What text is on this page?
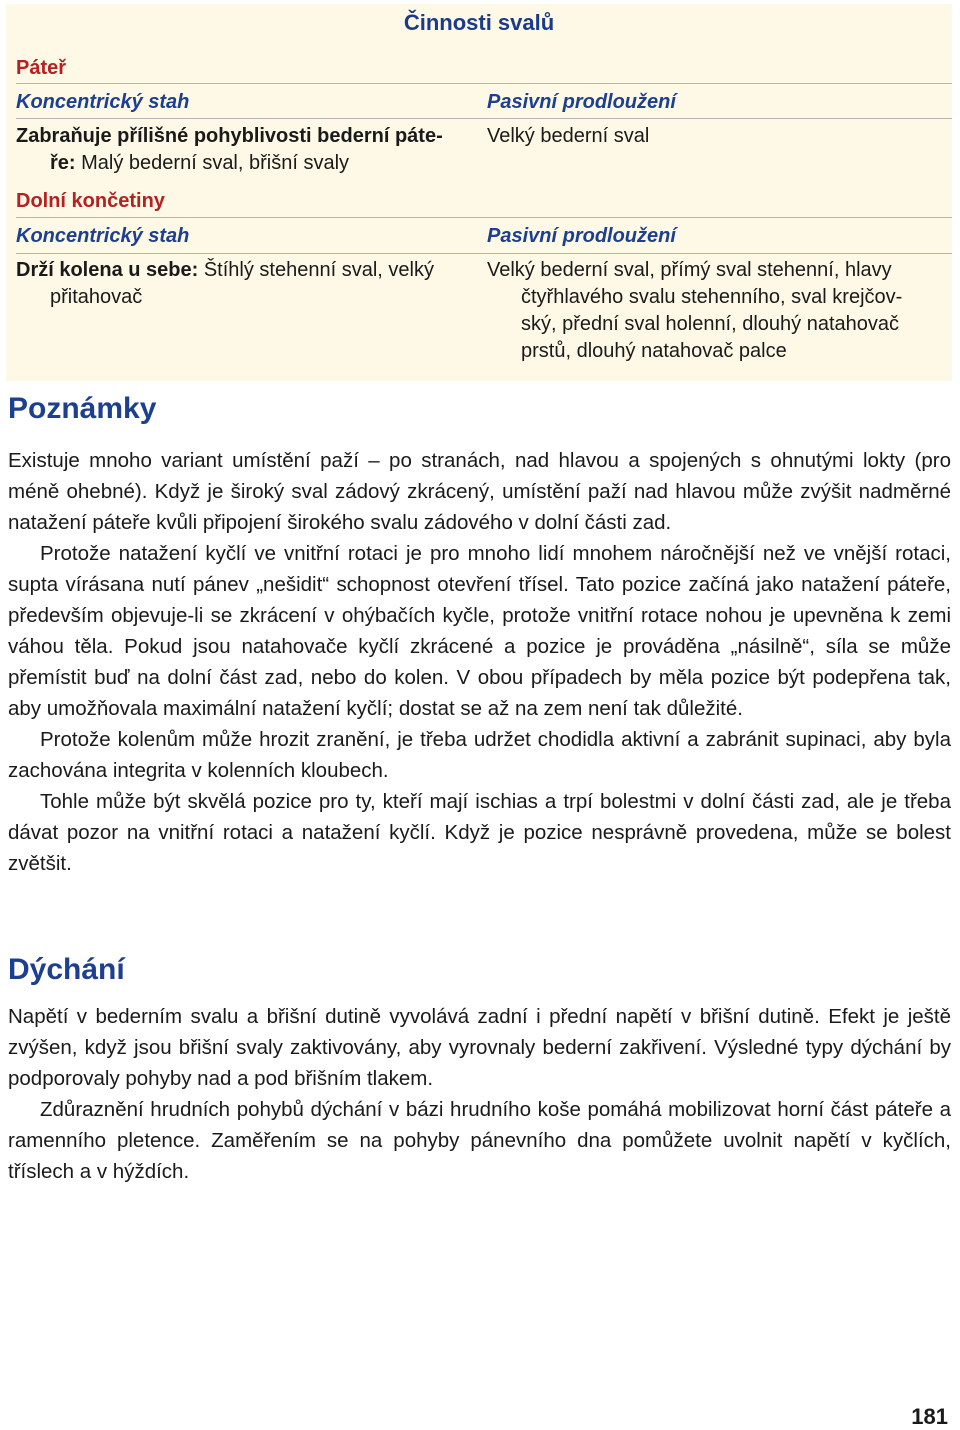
Činnosti svalů
Páteř
Koncentrický stah	Pasivní prodloužení
Zabraňuje přílišné pohyblivosti bederní páte-
ře: Malý bederní sval, břišní svaly
Velký bederní sval
Dolní končetiny
Koncentrický stah	Pasivní prodloužení
Drží kolena u sebe: Štíhlý stehenní sval, velký
přitahovač
Velký bederní sval, přímý sval stehenní, hlavy
čtyřhlavého svalu stehenního, sval krejčov-
ský, přední sval holenní, dlouhý natahovač
prstů, dlouhý natahovač palce
Poznámky

Existuje mnoho variant umístění paží – po stranách, nad hlavou a spojených s ohnutými lokty (pro méně ohebné). Když je široký sval zádový zkrácený, umístění paží nad hlavou může zvýšit nadměrné natažení páteře kvůli připojení širokého svalu zádového v dolní části zad.

Protože natažení kyčlí ve vnitřní rotaci je pro mnoho lidí mnohem náročnější než ve vnější rotaci, supta vírásana nutí pánev „nešidit“ schopnost otevření třísel. Tato pozice začíná jako natažení páteře, především objevuje-li se zkrácení v ohýbačích kyčle, protože vnitřní rotace nohou je upevněna k zemi váhou těla. Pokud jsou natahovače kyčlí zkrácené a pozice je prováděna „násilně“, síla se může přemístit buď na dolní část zad, nebo do kolen. V obou případech by měla pozice být podepřena tak, aby umožňovala maximální natažení kyčlí; dostat se až na zem není tak důležité.

Protože kolenům může hrozit zranění, je třeba udržet chodidla aktivní a zabránit supinaci, aby byla zachována integrita v kolenních kloubech.

Tohle může být skvělá pozice pro ty, kteří mají ischias a trpí bolestmi v dolní části zad, ale je třeba dávat pozor na vnitřní rotaci a natažení kyčlí. Když je pozice nesprávně provedena, může se bolest zvětšit.

Dýchání

Napětí v bederním svalu a břišní dutině vyvolává zadní i přední napětí v břišní dutině. Efekt je ještě zvýšen, když jsou břišní svaly zaktivovány, aby vyrovnaly bederní zakřivení. Výsledné typy dýchání by podporovaly pohyby nad a pod břišním tlakem.

Zdůraznění hrudních pohybů dýchání v bázi hrudního koše pomáhá mobilizovat horní část páteře a ramenního pletence. Zaměřením se na pohyby pánevního dna pomůžete uvolnit napětí v kyčlích, tříslech a v hýždích.

181
